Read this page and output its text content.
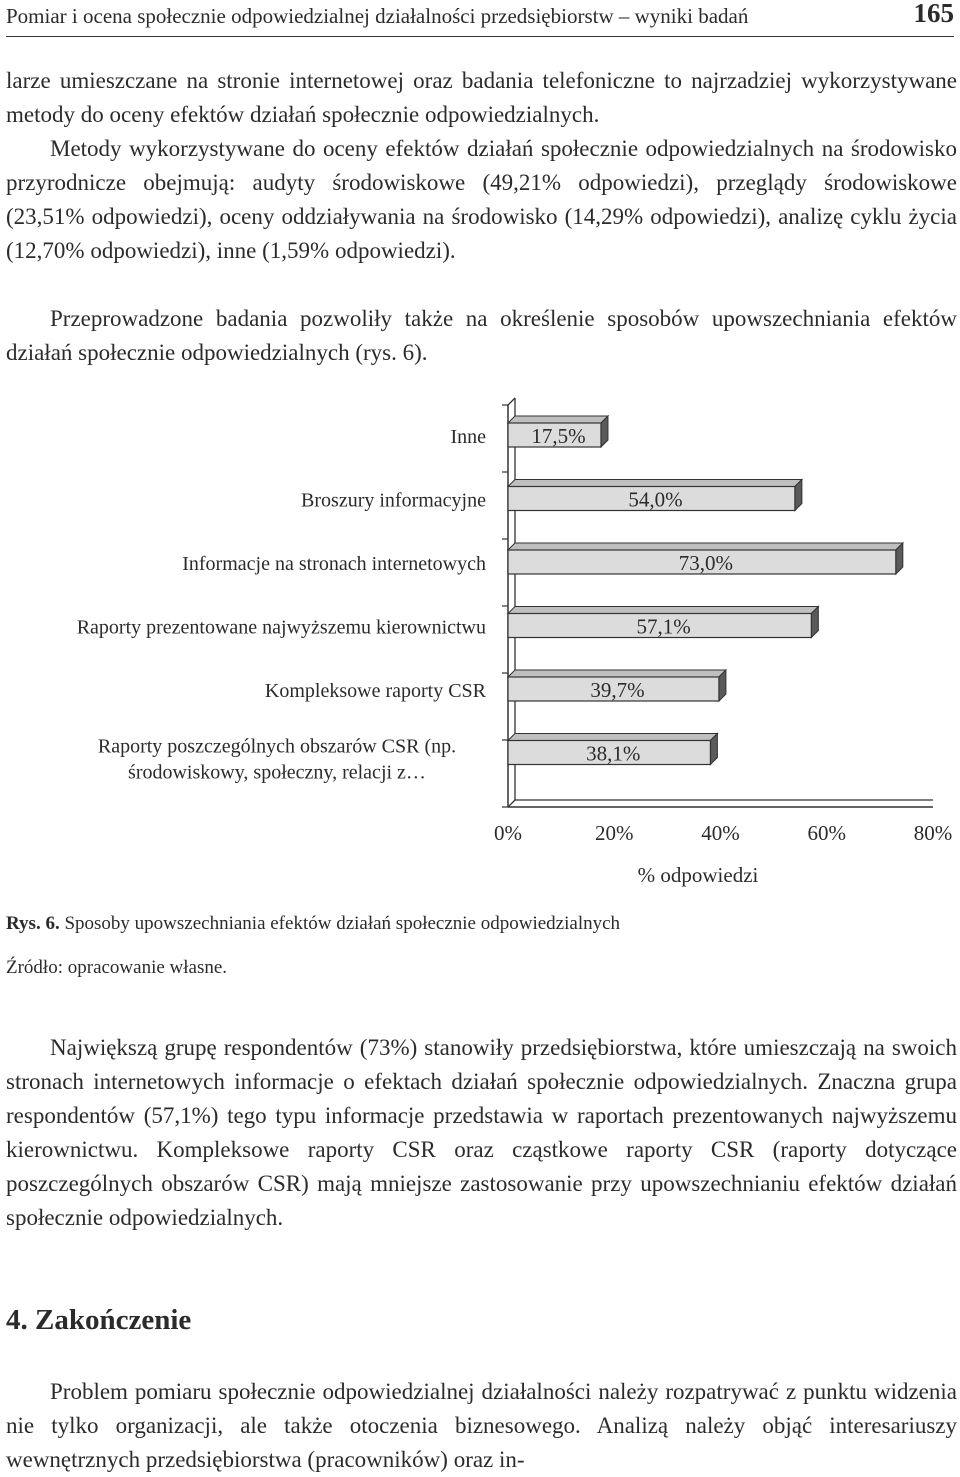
Pomiar i ocena społecznie odpowiedzialnej działalności przedsiębiorstw – wyniki badań	165

larze umieszczane na stronie internetowej oraz badania telefoniczne to najrzadziej wykorzystywane metody do oceny efektów działań społecznie odpowiedzialnych.

Metody wykorzystywane do oceny efektów działań społecznie odpowiedzialnych na środowisko przyrodnicze obejmują: audyty środowiskowe (49,21% odpowiedzi), przeglądy środowiskowe (23,51% odpowiedzi), oceny oddziaływania na środowisko (14,29% odpowiedzi), analizę cyklu życia (12,70% odpowiedzi), inne (1,59% odpowiedzi).

Przeprowadzone badania pozwoliły także na określenie sposobów upowszechniania efektów działań społecznie odpowiedzialnych (rys. 6).

17,5%
Inne
54,0%
Broszury informacyjne
73,0%
Informacje na stronach internetowych
57,1%
Raporty prezentowane najwyższemu kierownictwu
39,7%
Kompleksowe raporty CSR
38,1%
Raporty poszczególnych obszarów CSR (np.
środowiskowy, społeczny, relacji z…
0%	20%	40%	60%	80%
% odpowiedzi
Rys. 6. Sposoby upowszechniania efektów działań społecznie odpowiedzialnych
Źródło: opracowanie własne.

Największą grupę respondentów (73%) stanowiły przedsiębiorstwa, które umieszczają na swoich stronach internetowych informacje o efektach działań społecznie odpowiedzialnych. Znaczna grupa respondentów (57,1%) tego typu informacje przedstawia w raportach prezentowanych najwyższemu kierownictwu. Kompleksowe raporty CSR oraz cząstkowe raporty CSR (raporty dotyczące poszczególnych obszarów CSR) mają mniejsze zastosowanie przy upowszechnianiu efektów działań społecznie odpowiedzialnych.

4. Zakończenie

Problem pomiaru społecznie odpowiedzialnej działalności należy rozpatrywać z punktu widzenia nie tylko organizacji, ale także otoczenia biznesowego. Analizą należy objąć interesariuszy wewnętrznych przedsiębiorstwa (pracowników) oraz in-
